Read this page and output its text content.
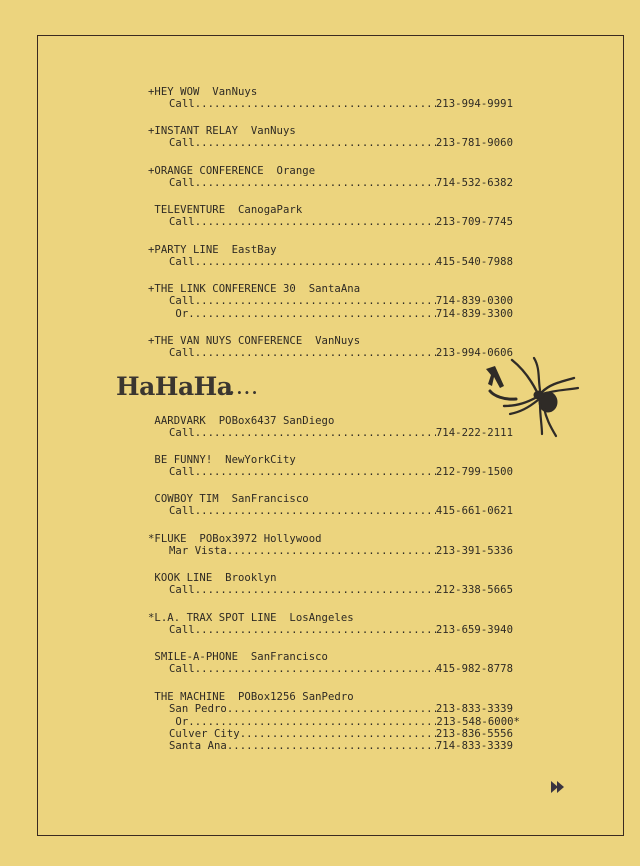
+HEY WOW  VanNuys
Call .....	213-994-9991
+INSTANT RELAY  VanNuys
Call .....	213-781-9060
+ORANGE CONFERENCE  Orange
Call .....	714-532-6382
TELEVENTURE  CanogaPark
Call .....	213-709-7745
+PARTY LINE  EastBay
Call .....	415-540-7988
+THE LINK CONFERENCE 30  SantaAna
Call .....	714-839-0300
Or .....	714-839-3300
+THE VAN NUYS CONFERENCE  VanNuys
Call .....	213-994-0606
HaHaHa
....
AARDVARK  POBox6437 SanDiego
Call .....	714-222-2111
BE FUNNY!  NewYorkCity
Call .....	212-799-1500
COWBOY TIM  SanFrancisco
Call .....	415-661-0621
*FLUKE  POBox3972 Hollywood
Mar Vista .....	213-391-5336
KOOK LINE  Brooklyn
Call .....	212-338-5665
*L.A. TRAX SPOT LINE  LosAngeles
Call .....	213-659-3940
SMILE-A-PHONE  SanFrancisco
Call .....	415-982-8778
THE MACHINE  POBox1256 SanPedro
San Pedro .....	213-833-3339
Or .....	213-548-6000*
Culver City .....	213-836-5556
Santa Ana .....	714-833-3339
